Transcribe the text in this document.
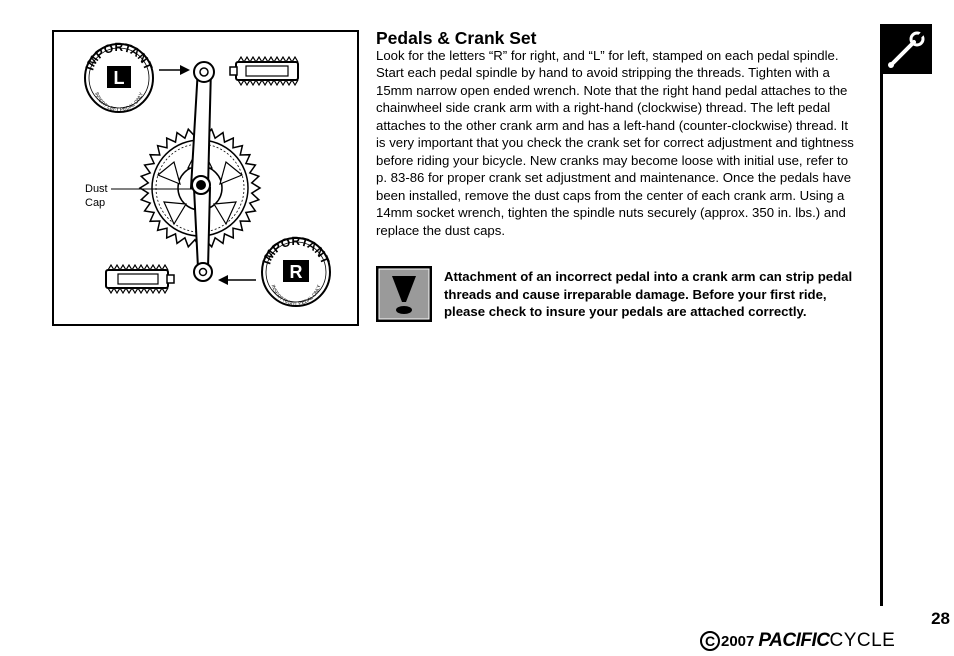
IMPORTANT
INSERT LEFT PEDAL ONLY
L
IMPORTANT
INSERT RIGHT PEDAL ONLY
R
Dust
Cap
Pedals & Crank Set

Look for the letters “R” for right, and “L” for left, stamped on each pedal spindle. Start each pedal spindle by hand to avoid stripping the threads. Tighten with a 15mm narrow open ended wrench. Note that the right hand pedal attaches to the chainwheel side crank arm with a right-hand (clockwise) thread. The left pedal attaches to the other crank arm and has a left-hand (counter-clockwise) thread. It is very important that you check the crank set for correct adjustment and tightness before riding your bicycle. New cranks may become loose with initial use, refer to p. 83-86 for proper crank set adjustment and maintenance. Once the pedals have been installed, remove the dust caps from the center of each crank arm. Using a 14mm socket wrench, tighten the spindle nuts securely (approx. 350 in. lbs.) and replace the dust caps.

Attachment of an incorrect pedal into a crank arm can strip pedal threads and cause irreparable damage. Before your first ride, please check to insure your pedals are attached correctly.

28
C 2007 PACIFIC CYCLE
